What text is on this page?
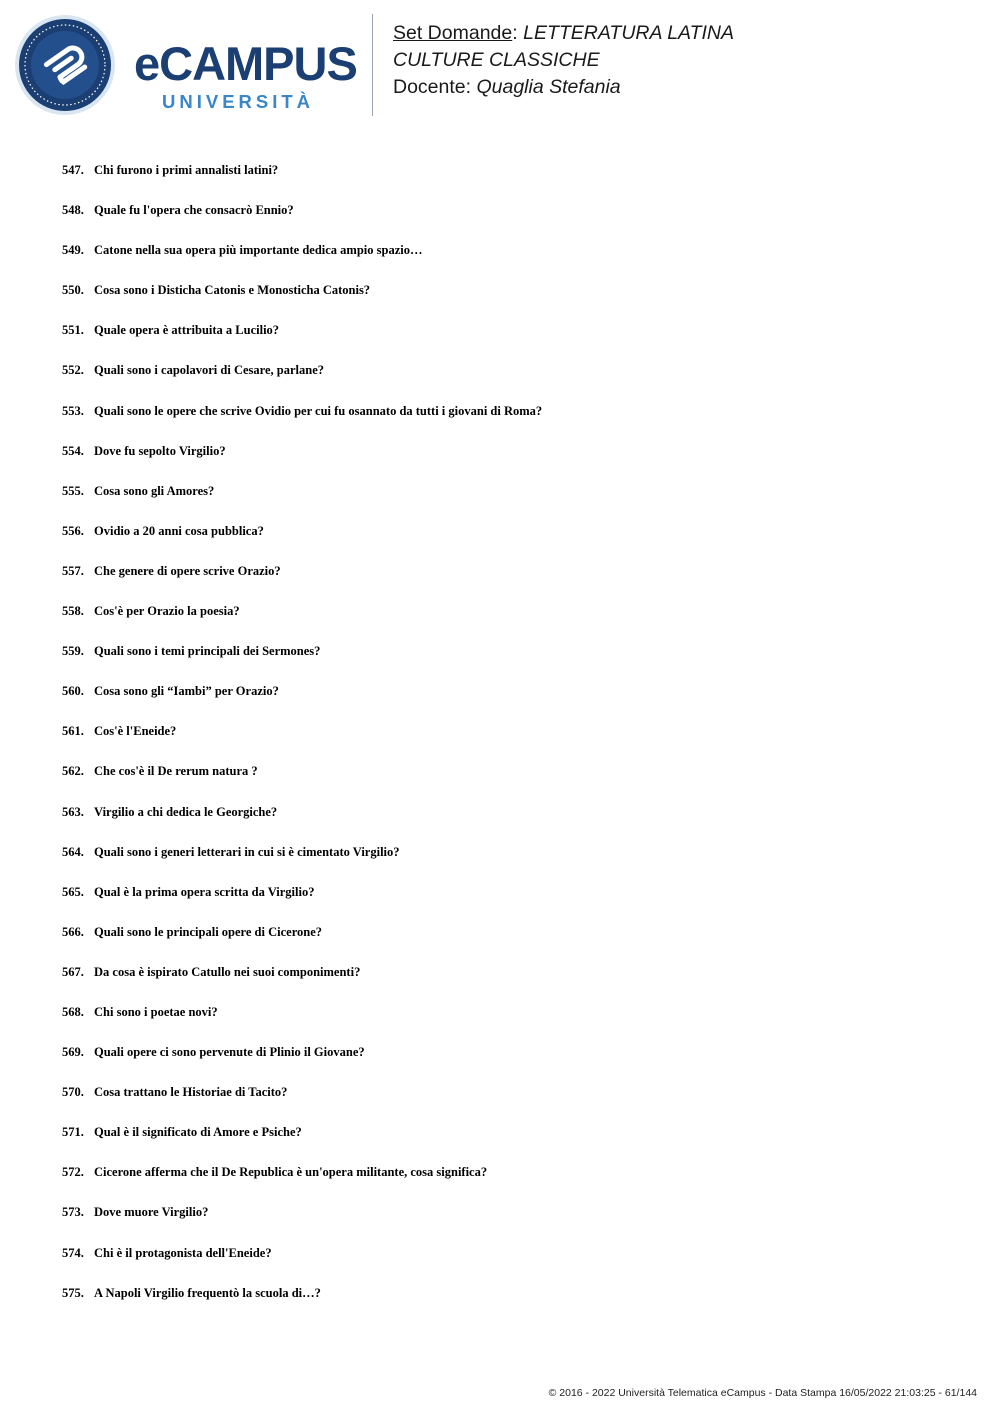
eCAMPUS
UNIVERSITÀ
Set Domande: LETTERATURA LATINA
CULTURE CLASSICHE
Docente: Quaglia Stefania
547. Chi furono i primi annalisti latini?
548. Quale fu l'opera che consacrò Ennio?
549. Catone nella sua opera più importante dedica ampio spazio…
550. Cosa sono i Disticha Catonis e Monosticha Catonis?
551. Quale opera è attribuita a Lucilio?
552. Quali sono i capolavori di Cesare, parlane?
553. Quali sono le opere che scrive Ovidio per cui fu osannato da tutti i giovani di Roma?
554. Dove fu sepolto Virgilio?
555. Cosa sono gli Amores?
556. Ovidio a 20 anni cosa pubblica?
557. Che genere di opere scrive Orazio?
558. Cos'è per Orazio la poesia?
559. Quali sono i temi principali dei Sermones?
560. Cosa sono gli “Iambi” per Orazio?
561. Cos'è l'Eneide?
562. Che cos'è il De rerum natura ?
563. Virgilio a chi dedica le Georgiche?
564. Quali sono i generi letterari in cui si è cimentato Virgilio?
565. Qual è la prima opera scritta da Virgilio?
566. Quali sono le principali opere di Cicerone?
567. Da cosa è ispirato Catullo nei suoi componimenti?
568. Chi sono i poetae novi?
569. Quali opere ci sono pervenute di Plinio il Giovane?
570. Cosa trattano le Historiae di Tacito?
571. Qual è il significato di Amore e Psiche?
572. Cicerone afferma che il De Republica è un'opera militante, cosa significa?
573. Dove muore Virgilio?
574. Chi è il protagonista dell'Eneide?
575. A Napoli Virgilio frequentò la scuola di…?
© 2016 - 2022 Università Telematica eCampus - Data Stampa 16/05/2022 21:03:25 - 61/144
